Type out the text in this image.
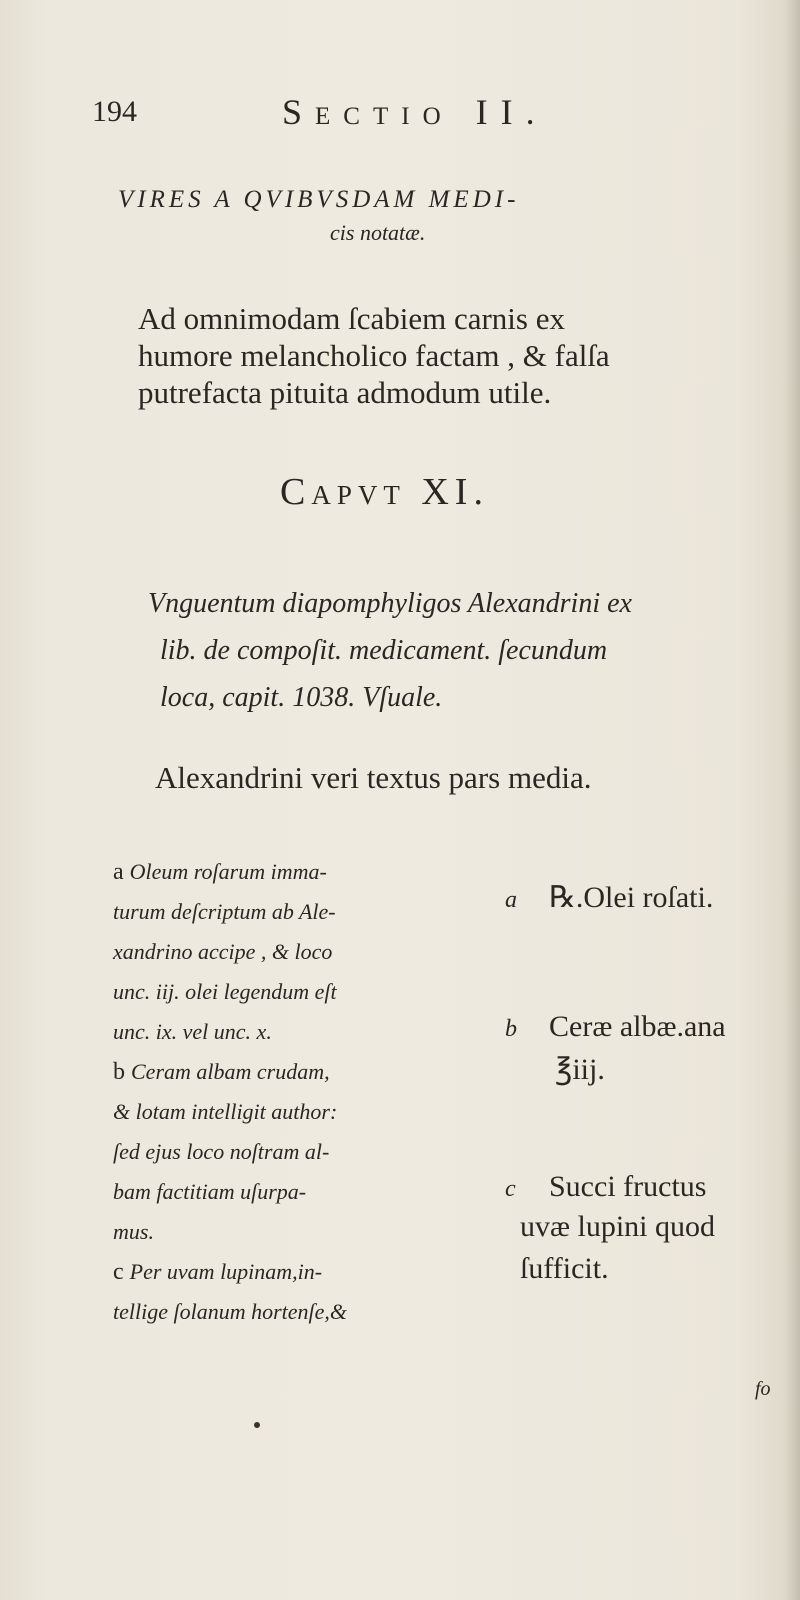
194	Sectio II.
VIRES A QVIBVSDAM MEDI-
cis notatæ.
Ad omnimodam ſcabiem carnis ex
humore melancholico factam , & falſa
putrefacta pituita admodum utile.
Capvt XI.
Vnguentum diapomphyligos Alexandrini ex
lib. de compoſit. medicament. ſecundum
loca, capit. 1038. Vſuale.
Alexandrini veri textus pars media.
a Oleum roſarum imma-
turum deſcriptum ab Ale-
xandrino accipe , & loco
unc. iij. olei legendum eſt
unc. ix. vel unc. x.
b Ceram albam crudam,
& lotam intelligit author:
ſed ejus loco noſtram al-
bam factitiam uſurpa-
mus.
c Per uvam lupinam,in-
tellige ſolanum hortenſe,&
a ℞.Olei roſati.
b Ceræ albæ.ana
℥iij.
c Succi fructus
uvæ lupini quod
ſufficit.
fo
